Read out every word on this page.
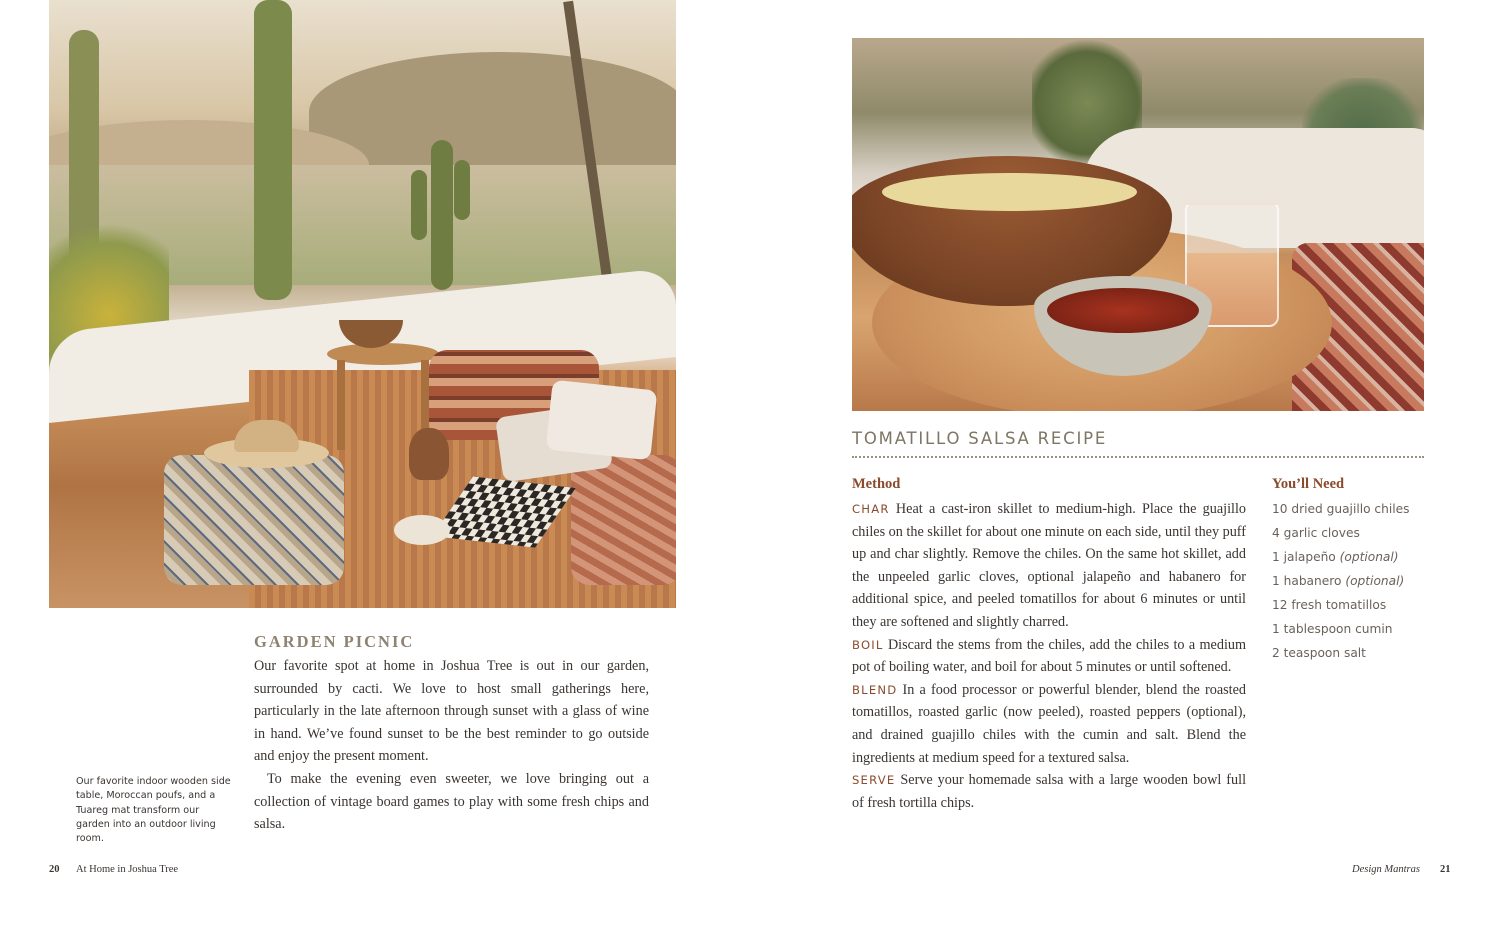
Our favorite indoor wooden side table, Moroccan poufs, and a Tuareg mat transform our garden into an outdoor living room.
GARDEN PICNIC
Our favorite spot at home in Joshua Tree is out in our garden, surrounded by cacti. We love to host small gatherings here, particularly in the late afternoon through sunset with a glass of wine in hand. We’ve found sunset to be the best reminder to go outside and enjoy the present moment.
To make the evening even sweeter, we love bringing out a collection of vintage board games to play with some fresh chips and salsa.
20 At Home in Joshua Tree
TOMATILLO SALSA RECIPE
Method
CHAR Heat a cast-iron skillet to medium-high. Place the guajillo chiles on the skillet for about one minute on each side, until they puff up and char slightly. Remove the chiles. On the same hot skillet, add the unpeeled garlic cloves, optional jalapeño and habanero for additional spice, and peeled tomatillos for about 6 minutes or until they are softened and slightly charred.
BOIL Discard the stems from the chiles, add the chiles to a medium pot of boiling water, and boil for about 5 minutes or until softened.
BLEND In a food processor or powerful blender, blend the roasted tomatillos, roasted garlic (now peeled), roasted peppers (optional), and drained guajillo chiles with the cumin and salt. Blend the ingredients at medium speed for a textured salsa.
SERVE Serve your homemade salsa with a large wooden bowl full of fresh tortilla chips.
You’ll Need
10 dried guajillo chiles
4 garlic cloves
1 jalapeño (optional)
1 habanero (optional)
12 fresh tomatillos
1 tablespoon cumin
2 teaspoon salt
Design Mantras 21
